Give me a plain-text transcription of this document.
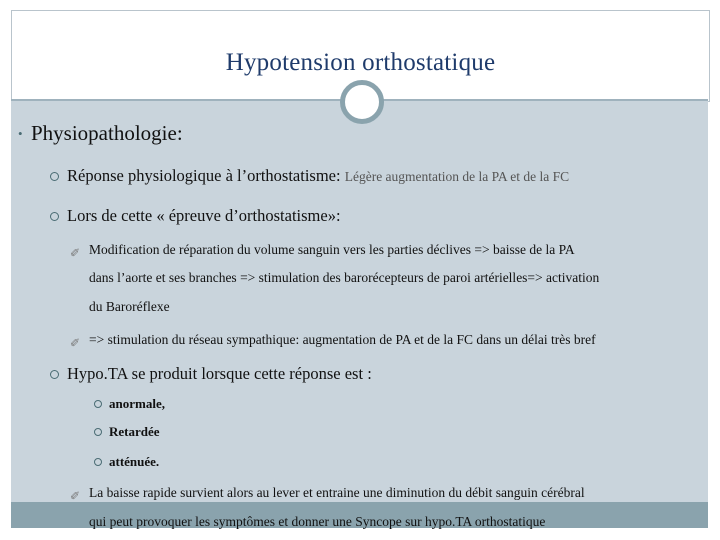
Hypotension orthostatique
• Physiopathologie:
Réponse physiologique à l’orthostatisme: Légère augmentation de la PA et de la FC
Lors de cette « épreuve d’orthostatisme»:
✐ Modification de réparation du volume sanguin vers les parties déclives => baisse de la PA
dans l’aorte et ses branches => stimulation des barorécepteurs de paroi artérielles=> activation
du Baroréflexe
✐ => stimulation du réseau sympathique: augmentation de PA et de la FC dans un délai très bref
Hypo.TA se produit lorsque cette réponse est :
anormale,
Retardée
atténuée.
✐ La baisse rapide survient alors au lever et entraine une diminution du débit sanguin cérébral
qui peut provoquer les symptômes et donner une Syncope sur hypo.TA orthostatique
